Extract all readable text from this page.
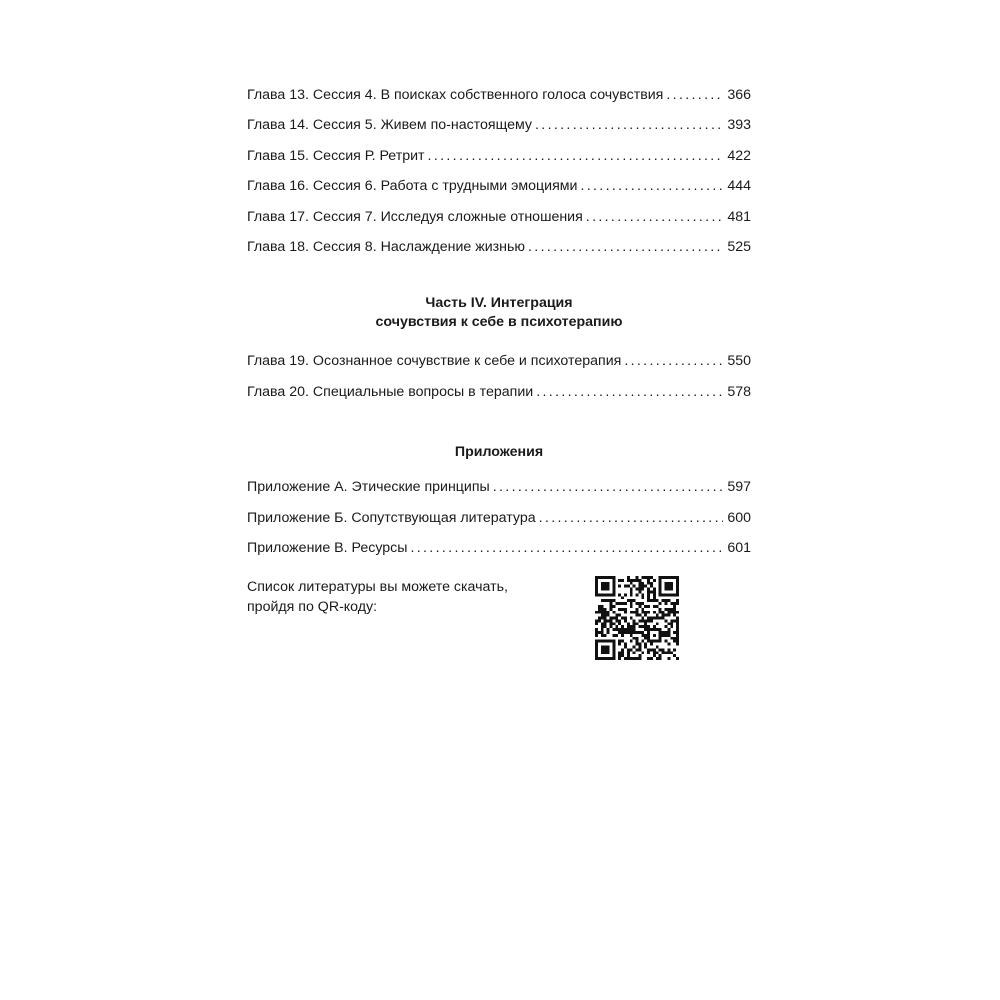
Глава 13. Сессия 4. В поисках собственного голоса сочувствия . . .	366
Глава 14. Сессия 5. Живем по-настоящему . . .	393
Глава 15. Сессия Р. Ретрит . . .	422
Глава 16. Сессия 6. Работа с трудными эмоциями . . .	444
Глава 17. Сессия 7. Исследуя сложные отношения . . .	481
Глава 18. Сессия 8. Наслаждение жизнью . . .	525
Часть IV. Интеграция
сочувствия к себе в психотерапию
Глава 19. Осознанное сочувствие к себе и психотерапия . . .	550
Глава 20. Специальные вопросы в терапии . . .	578
Приложения
Приложение А. Этические принципы . . .	597
Приложение Б. Сопутствующая литература . . .	600
Приложение В. Ресурсы . . .	601

Список литературы вы можете скачать,
пройдя по QR-коду:
